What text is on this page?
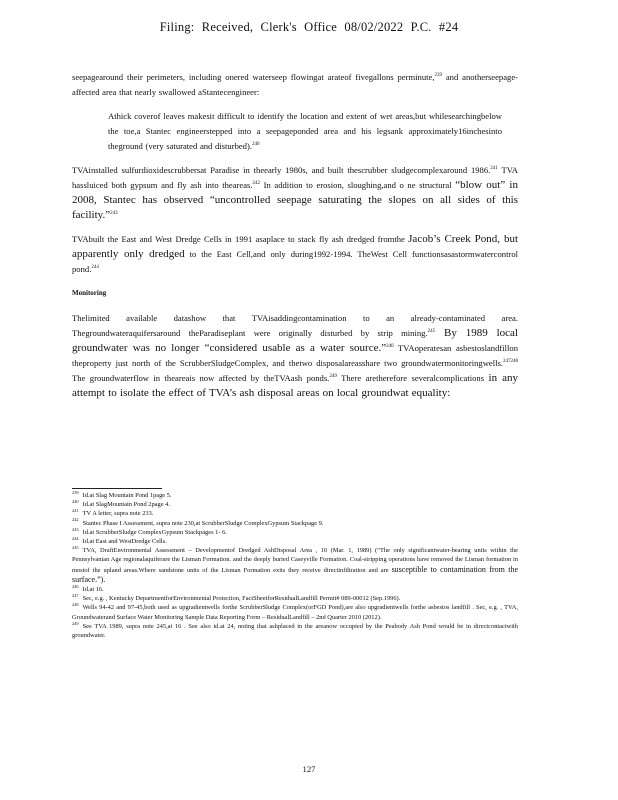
Filing: Received, Clerk's Office 08/02/2022 P.C. #24

seepagearound their perimeters, including onered waterseep flowingat arateof fivegallons perminute,$^{239}$ and anotherseepage-affected area that nearly swallowed aStantecengineer:

Athick coverof leaves makesit difficult to identify the location and extent of wet areas,but whilesearchingbelow the toe,a Stantec engineerstepped into a seepageponded area and his legsank approximately16inchesinto theground (very saturated and disturbed).$^{240}$

TVAinstalled sulfurdioxidescrubbersat Paradise in theearly 1980s, and built thescrubber sludgecomplexaround 1986.$^{241}$ TVA hassluiced both gypsum and fly ash into theareas.$^{242}$ In addition to erosion, sloughing,and o ne structural “blow out” in 2008, Stantec has observed “uncontrolled seepage saturating the slopes on all sides of this facility.”$^{243}$

TVAbuilt the East and West Dredge Cells in 1991 asaplace to stack fly ash dredged fromthe Jacob’s Creek Pond, but apparently only dredged to the East Cell,and only during1992-1994. TheWest Cell functionsasastormwatercontrol pond.$^{244}$

Monitoring

Thelimited available datashow that TVAisaddingcontamination to an already-contaminated area. Thegroundwateraquifersaround theParadiseplant were originally disturbed by strip mining.$^{245}$ By 1989 local groundwater was no longer “considered usable as a water source.”$^{246}$ TVAoperatesan asbestoslandfillon theproperty just north of the ScrubberSludgeComplex, and thetwo disposalareasshare two groundwatermonitoringwells.$^{247248}$ The groundwaterflow in theareais now affected by theTVAash ponds.$^{249}$ There aretherefore severalcomplications in any attempt to isolate the effect of TVA’s ash disposal areas on local groundwat equality:

$^{239}$ Id.at Slag Mountain Pond 1page 5.

$^{240}$ Id.at SlagMountain Pond 2page 4.

$^{241}$ TV A letter, supra note 233.

$^{242}$ Stantec Phase I Assessment, supra note 230,at ScrubberSludge ComplexGypsum Stackpage 9.

$^{243}$ Id.at ScrubberSludge ComplexGypsum Stackpages 1- 6.

$^{244}$ Id.at East and WestDredge Cells.

$^{245}$ TVA, DraftEnvironmental Assessment – Developmentof Dredged AshDisposal Area , 10 (Mar. 1, 1989) (“The only significantwater-bearing units within the Pennsylvanian Age regionalaquiferare the Lisman Formation. and the deeply buried Caseyville Formation. Coal-stripping operations have removed the Lisman formation in mostof the upland areas.Where sandstone units of the Lisman Formation exits they receive directinfiltration and are susceptible to contamination from the surface.”).

$^{246}$ Id.at 16.

$^{247}$ Sec, e.g. , Kentucky DepartmentforEnvironmental Protection, FactSheetforResidualLandfill Permit# 089-00012 (Sep.1996).

$^{248}$ Wells 94-42 and 97-45,both used as upgradientwells forthe ScrubberSludge Complex(orFGD Pond),are also upgradientwells forthe asbestos landfill . Sec, e.g. , TVA, Groundwaterand Surface Water Monitoring Sample Data Reporting Form – ResidualLandfill – 2nd Quarter 2010 (2012).

$^{249}$ See TVA 1989, supra note 245,at 16 . See also id.at 24, noting that ashplaced in the areanow occupied by the Peabody Ash Pond would be in directcontactwith groundwater.

127
